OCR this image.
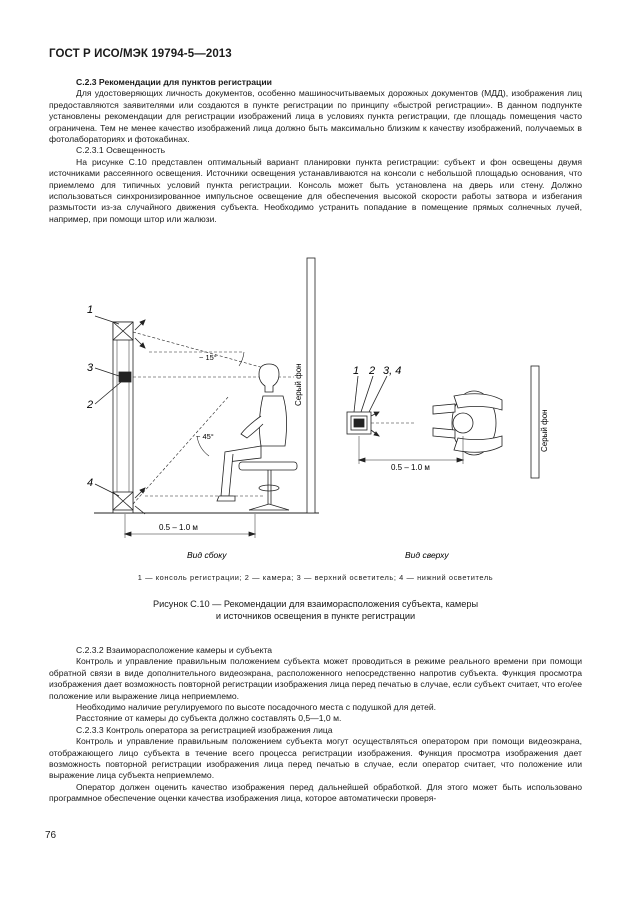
ГОСТ Р ИСО/МЭК 19794-5—2013

С.2.3 Рекомендации для пунктов регистрации

Для удостоверяющих личность документов, особенно машиносчитываемых дорожных документов (МДД), изображения лиц предоставляются заявителями или создаются в пункте регистрации по принципу «быстрой регистрации». В данном подпункте установлены рекомендации для регистрации изображений лица в условиях пункта регистрации, где площадь помещения часто ограничена. Тем не менее качество изображений лица должно быть максимально близким к качеству изображений, получаемых в фотолабораториях и фотокабинах.

С.2.3.1 Освещенность

На рисунке С.10 представлен оптимальный вариант планировки пункта регистрации: субъект и фон освещены двумя источниками рассеянного освещения. Источники освещения устанавливаются на консоли с небольшой площадью основания, что приемлемо для типичных условий пункта регистрации. Консоль может быть установлена на дверь или стену. Должно использоваться синхронизированное импульсное освещение для обеспечения высокой скорости работы затвора и избегания размытости из-за случайного движения субъекта. Необходимо устранить попадание в помещение прямых солнечных лучей, например, при помощи штор или жалюзи.

1
3
2
4
~ 15°
~ 45°
0.5 – 1.0 м
Серый фон	1 2 3, 4
0.5 – 1.0 м
Серый фон
Вид сбоку	Вид сверху
1 — консоль регистрации; 2 — камера; 3 — верхний осветитель; 4 — нижний осветитель
Рисунок С.10 — Рекомендации для взаиморасположения субъекта, камеры
и источников освещения в пункте регистрации

С.2.3.2 Взаиморасположение камеры и субъекта

Контроль и управление правильным положением субъекта может проводиться в режиме реального времени при помощи обратной связи в виде дополнительного видеоэкрана, расположенного непосредственно напротив субъекта. Функция просмотра изображения дает возможность повторной регистрации изображения лица перед печатью в случае, если субъект считает, что его/ее положение или выражение лица неприемлемо.

Необходимо наличие регулируемого по высоте посадочного места с подушкой для детей.

Расстояние от камеры до субъекта должно составлять 0,5—1,0 м.

С.2.3.3 Контроль оператора за регистрацией изображения лица

Контроль и управление правильным положением субъекта могут осуществляться оператором при помощи видеоэкрана, отображающего лицо субъекта в течение всего процесса регистрации изображения. Функция просмотра изображения дает возможность повторной регистрации изображения лица перед печатью в случае, если оператор считает, что положение или выражение лица субъекта неприемлемо.

Оператор должен оценить качество изображения перед дальнейшей обработкой. Для этого может быть использовано программное обеспечение оценки качества изображения лица, которое автоматически проверя-

76
